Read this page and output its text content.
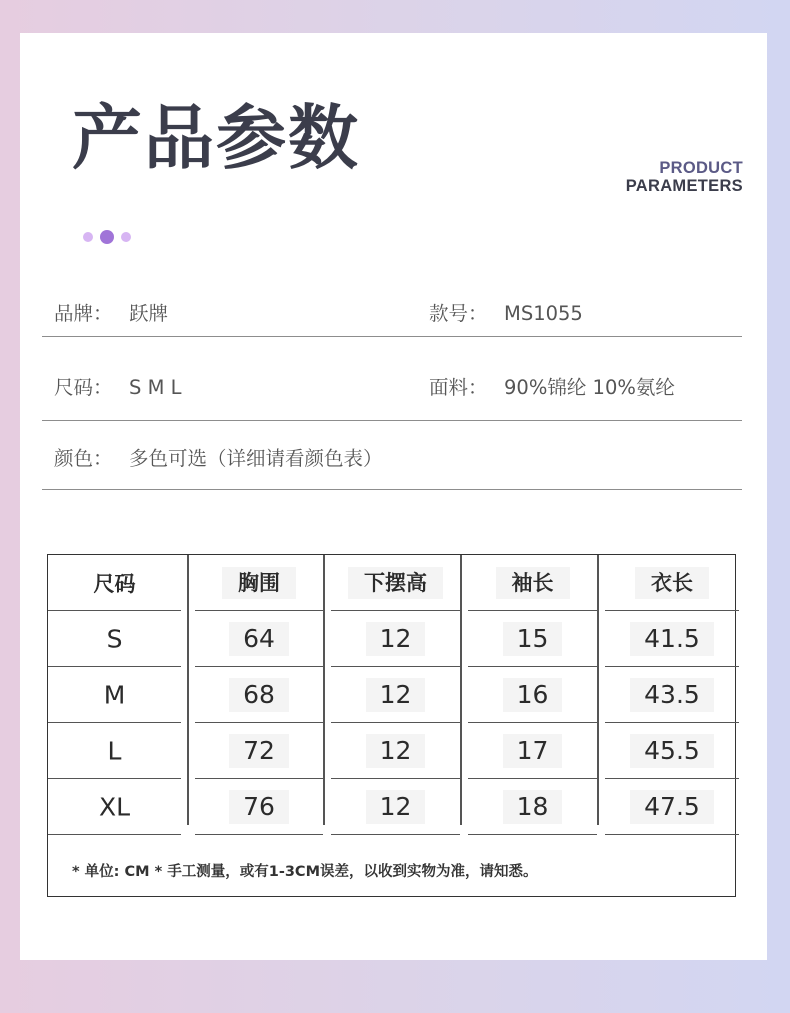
产品参数	PRODUCT
PARAMETERS
品牌： 跃牌	款号： MS1055
尺码： S M L	面料： 90%锦纶 10%氨纶
颜色： 多色可选（详细请看颜色表）
尺码	胸围	下摆高	袖长	衣长
S	64	12	15	41.5
M	68	12	16	43.5
L	72	12	17	45.5
XL	76	12	18	47.5
* 单位: CM * 手工测量，或有1-3CM误差，以收到实物为准，请知悉。
